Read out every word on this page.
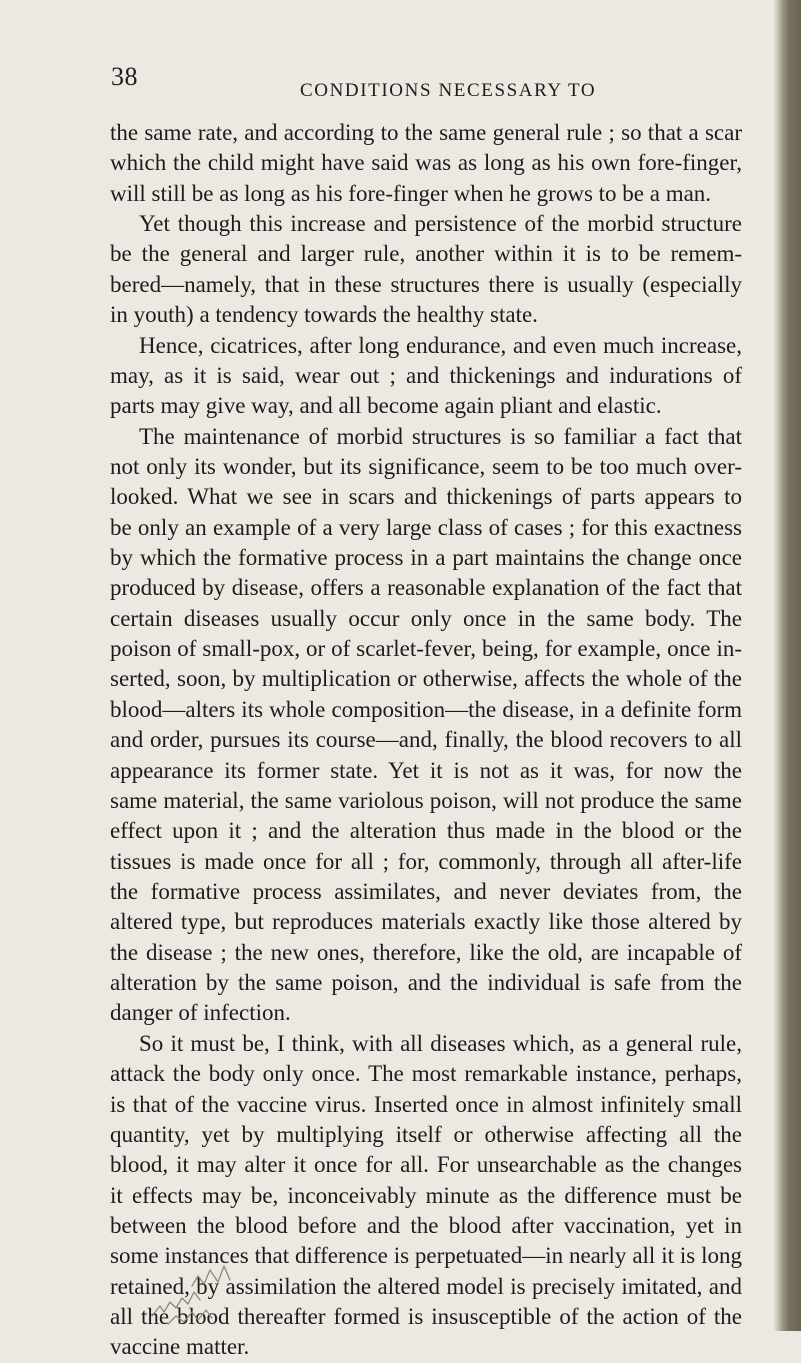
38	CONDITIONS NECESSARY TO
the same rate, and according to the same general rule ; so that a scar
which the child might have said was as long as his own fore-finger,
will still be as long as his fore-finger when he grows to be a man.
Yet though this increase and persistence of the morbid structure
be the general and larger rule, another within it is to be remem-
bered—namely, that in these structures there is usually (especially
in youth) a tendency towards the healthy state.
Hence, cicatrices, after long endurance, and even much increase,
may, as it is said, wear out ; and thickenings and indurations of
parts may give way, and all become again pliant and elastic.
The maintenance of morbid structures is so familiar a fact that
not only its wonder, but its significance, seem to be too much over-
looked. What we see in scars and thickenings of parts appears to
be only an example of a very large class of cases ; for this exactness
by which the formative process in a part maintains the change once
produced by disease, offers a reasonable explanation of the fact that
certain diseases usually occur only once in the same body. The
poison of small-pox, or of scarlet-fever, being, for example, once in-
serted, soon, by multiplication or otherwise, affects the whole of the
blood—alters its whole composition—the disease, in a definite form
and order, pursues its course—and, finally, the blood recovers to all
appearance its former state. Yet it is not as it was, for now the
same material, the same variolous poison, will not produce the same
effect upon it ; and the alteration thus made in the blood or the
tissues is made once for all ; for, commonly, through all after-life
the formative process assimilates, and never deviates from, the
altered type, but reproduces materials exactly like those altered by
the disease ; the new ones, therefore, like the old, are incapable of
alteration by the same poison, and the individual is safe from the
danger of infection.
So it must be, I think, with all diseases which, as a general rule,
attack the body only once. The most remarkable instance, perhaps,
is that of the vaccine virus. Inserted once in almost infinitely small
quantity, yet by multiplying itself or otherwise affecting all the
blood, it may alter it once for all. For unsearchable as the changes
it effects may be, inconceivably minute as the difference must be
between the blood before and the blood after vaccination, yet in
some instances that difference is perpetuated—in nearly all it is long
retained, by assimilation the altered model is precisely imitated, and
all the blood thereafter formed is insusceptible of the action of the
vaccine matter.
